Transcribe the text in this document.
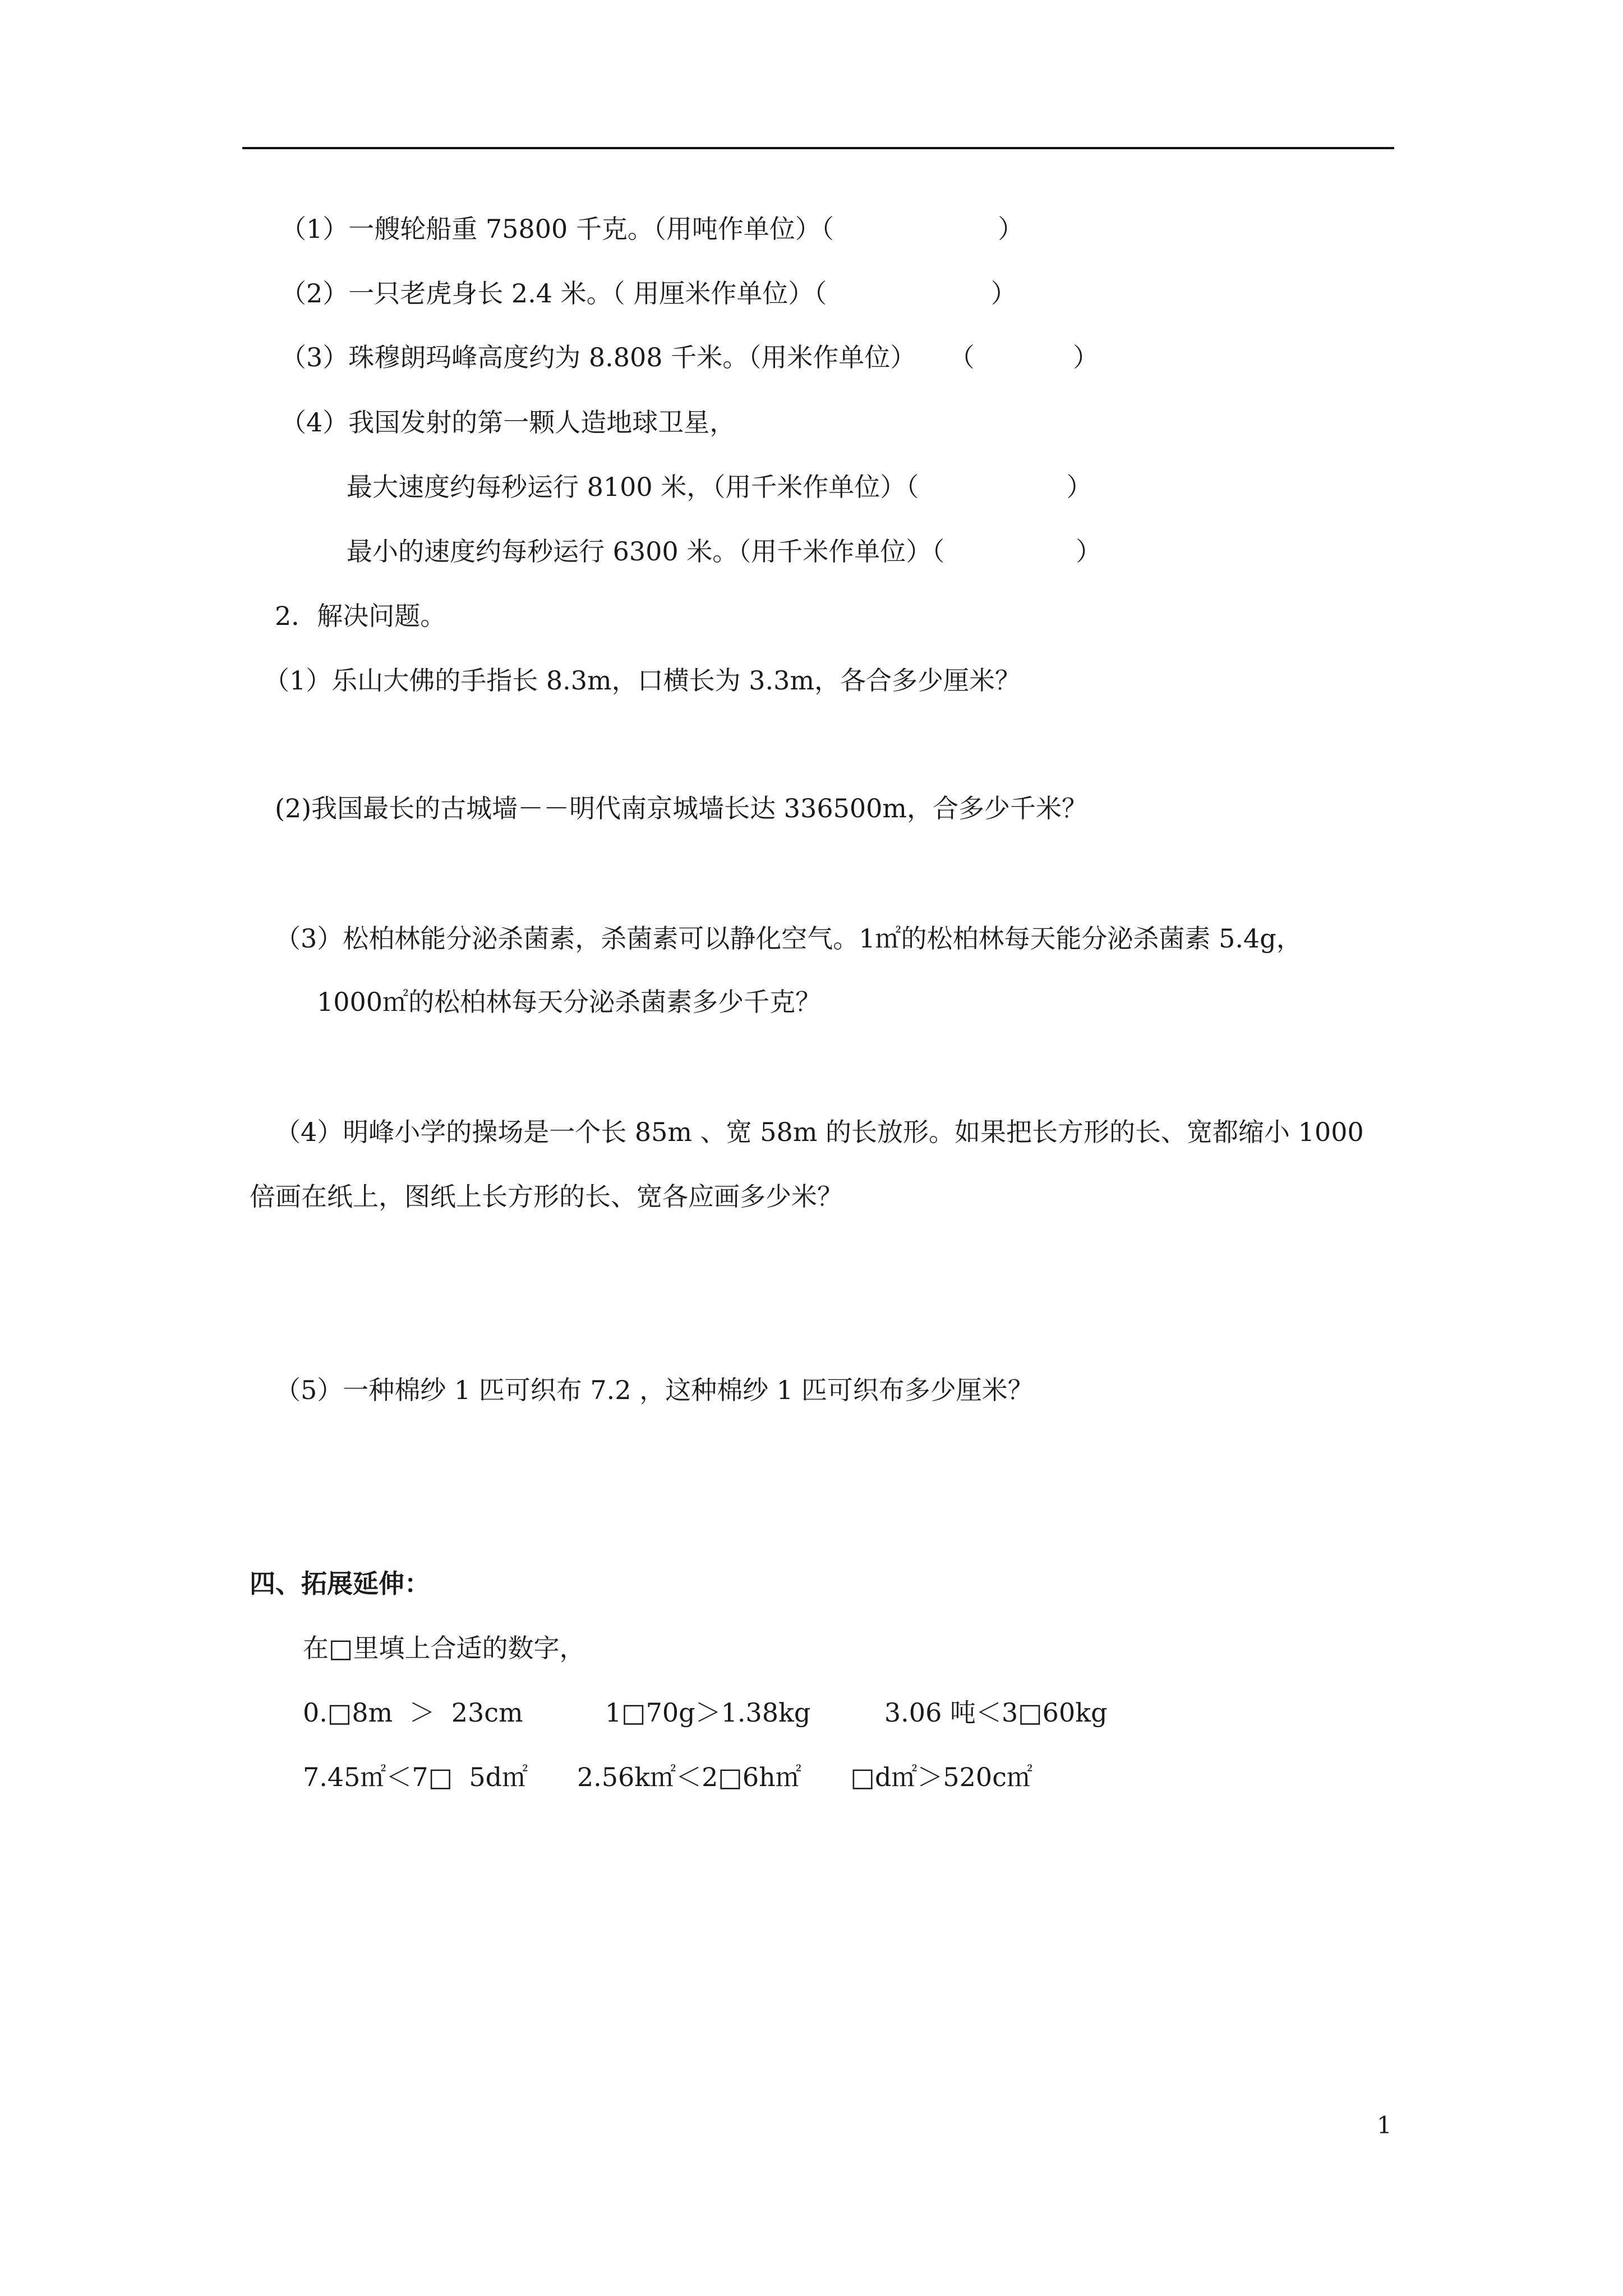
（1）一艘轮船重 75800 千克。（用吨作单位）（                    ）
（2）一只老虎身长 2.4 米。（ 用厘米作单位）（                    ）
（3）珠穆朗玛峰高度约为 8.808 千米。（用米作单位）    （            ）
（4）我国发射的第一颗人造地球卫星，
最大速度约每秒运行 8100 米，（用千米作单位）（                  ）
最小的速度约每秒运行 6300 米。（用千米作单位）（                ）
2．解决问题。
（1）乐山大佛的手指长 8.3m，口横长为 3.3m，各合多少厘米？
(2)我国最长的古城墙－－明代南京城墙长达 336500m，合多少千米？
（3）松柏林能分泌杀菌素，杀菌素可以静化空气。1㎡的松柏林每天能分泌杀菌素 5.4g，
1000㎡的松柏林每天分泌杀菌素多少千克？
（4）明峰小学的操场是一个长 85m 、宽 58m 的长放形。如果把长方形的长、宽都缩小 1000
倍画在纸上，图纸上长方形的长、宽各应画多少米？
（5）一种棉纱 1 匹可织布 7.2 ，这种棉纱 1 匹可织布多少厘米？
四、拓展延伸：
在□里填上合适的数字，
0.□8m  ＞  23cm          1□70g＞1.38kg         3.06 吨＜3□60kg
7.45㎡＜7□  5d㎡      2.56k㎡＜2□6h㎡      □d㎡＞520c㎡
1
